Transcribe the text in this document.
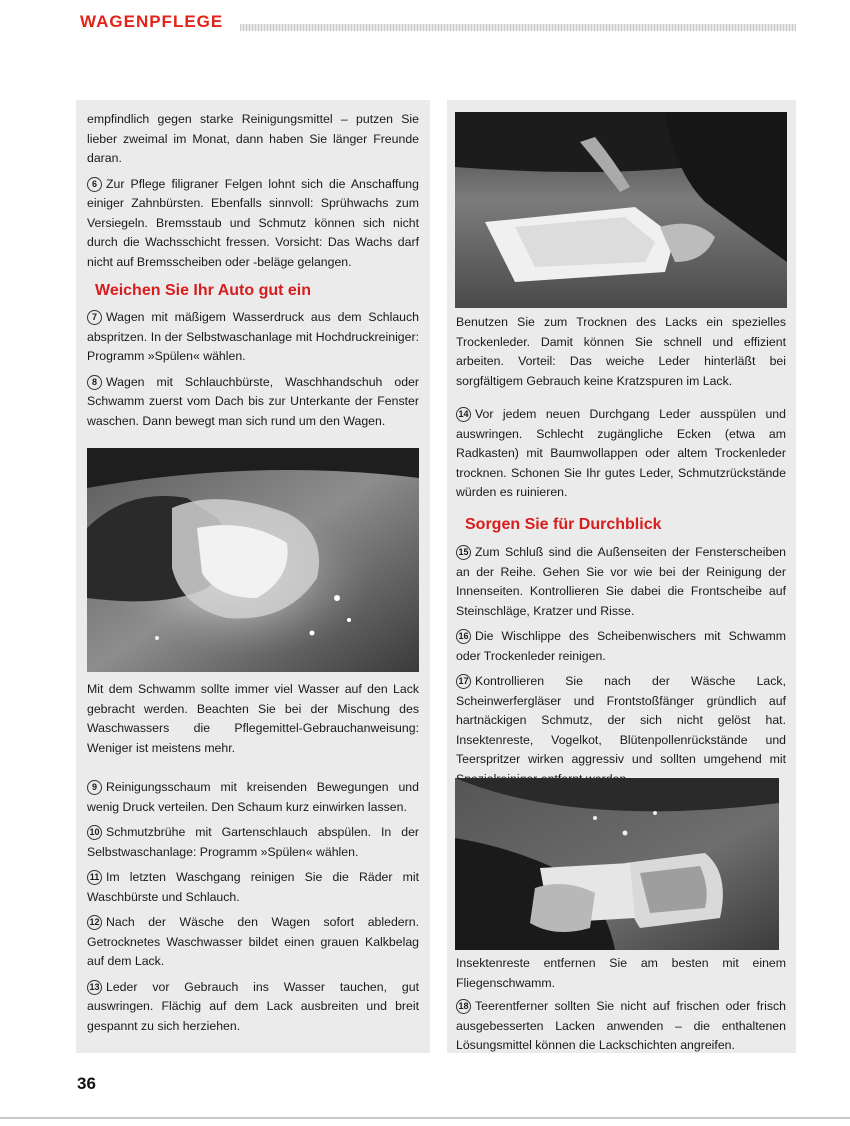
WAGENPFLEGE

empfindlich gegen starke Reinigungsmittel – putzen Sie lieber zweimal im Monat, dann haben Sie länger Freunde daran.

6 Zur Pflege filigraner Felgen lohnt sich die Anschaffung einiger Zahnbürsten. Ebenfalls sinnvoll: Sprühwachs zum Versiegeln. Bremsstaub und Schmutz können sich nicht durch die Wachsschicht fressen. Vorsicht: Das Wachs darf nicht auf Bremsscheiben oder -beläge gelangen.

Weichen Sie Ihr Auto gut ein

7 Wagen mit mäßigem Wasserdruck aus dem Schlauch abspritzen. In der Selbstwaschanlage mit Hochdruckreiniger: Programm »Spülen« wählen.

8 Wagen mit Schlauchbürste, Waschhandschuh oder Schwamm zuerst vom Dach bis zur Unterkante der Fenster waschen. Dann bewegt man sich rund um den Wagen.

Mit dem Schwamm sollte immer viel Wasser auf den Lack gebracht werden. Beachten Sie bei der Mischung des Waschwassers die Pflegemittel-Gebrauchanweisung: Weniger ist meistens mehr.

9 Reinigungsschaum mit kreisenden Bewegungen und wenig Druck verteilen. Den Schaum kurz einwirken lassen.

10 Schmutzbrühe mit Gartenschlauch abspülen. In der Selbstwaschanlage: Programm »Spülen« wählen.

11 Im letzten Waschgang reinigen Sie die Räder mit Waschbürste und Schlauch.

12 Nach der Wäsche den Wagen sofort abledern. Getrocknetes Waschwasser bildet einen grauen Kalkbelag auf dem Lack.

13 Leder vor Gebrauch ins Wasser tauchen, gut auswringen. Flächig auf dem Lack ausbreiten und breit gespannt zu sich herziehen.

Benutzen Sie zum Trocknen des Lacks ein spezielles Trockenleder. Damit können Sie schnell und effizient arbeiten. Vorteil: Das weiche Leder hinterläßt bei sorgfältigem Gebrauch keine Kratzspuren im Lack.

14 Vor jedem neuen Durchgang Leder ausspülen und auswringen. Schlecht zugängliche Ecken (etwa am Radkasten) mit Baumwollappen oder altem Trockenleder trocknen. Schonen Sie Ihr gutes Leder, Schmutzrückstände würden es ruinieren.

Sorgen Sie für Durchblick

15 Zum Schluß sind die Außenseiten der Fensterscheiben an der Reihe. Gehen Sie vor wie bei der Reinigung der Innenseiten. Kontrollieren Sie dabei die Frontscheibe auf Steinschläge, Kratzer und Risse.

16 Die Wischlippe des Scheibenwischers mit Schwamm oder Trockenleder reinigen.

17 Kontrollieren Sie nach der Wäsche Lack, Scheinwerfergläser und Frontstoßfänger gründlich auf hartnäckigen Schmutz, der sich nicht gelöst hat. Insektenreste, Vogelkot, Blütenpollenrückstände und Teerspritzer wirken aggressiv und sollten umgehend mit

Insektenreste entfernen Sie am besten mit einem Fliegenschwamm.

18 Teerentferner sollten Sie nicht auf frischen oder frisch ausgebesserten Lacken anwenden – die enthaltenen Lösungsmittel können die Lackschichten angreifen.

36
